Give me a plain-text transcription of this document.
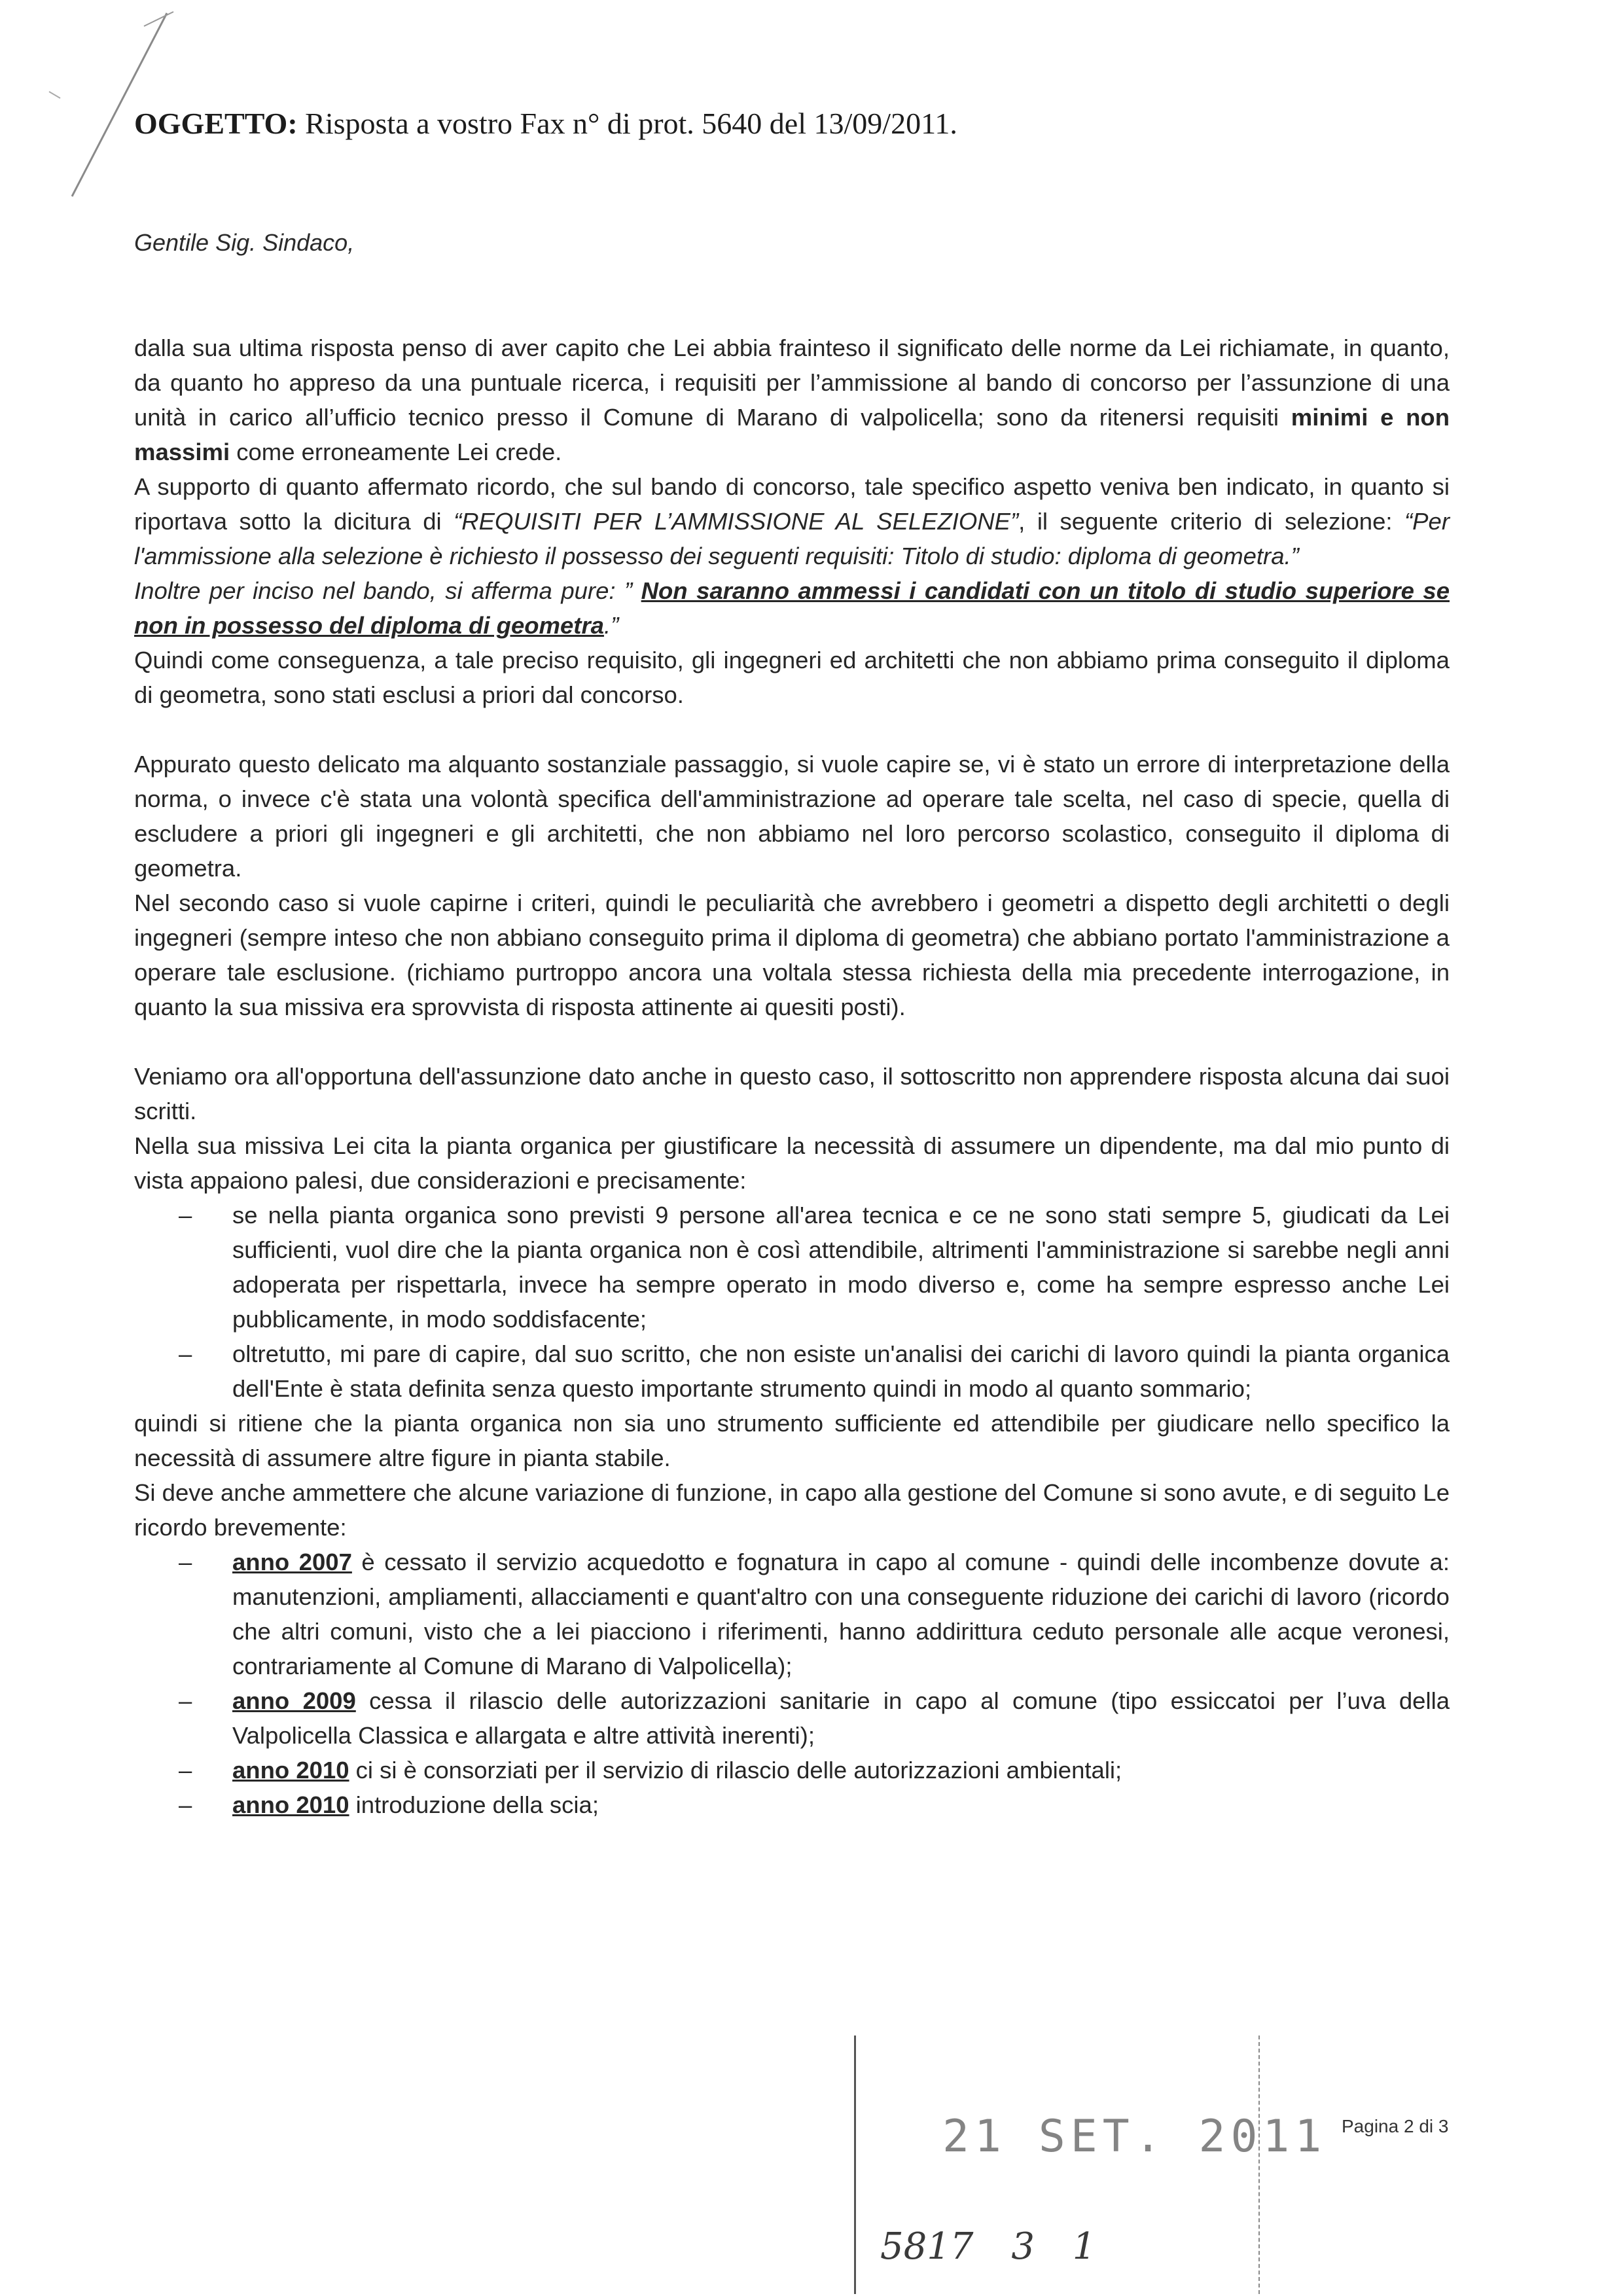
OGGETTO: Risposta a vostro Fax n° di prot. 5640 del 13/09/2011.
Gentile Sig. Sindaco,

dalla sua ultima risposta penso di aver capito che Lei abbia frainteso il significato delle norme da Lei richiamate, in quanto, da quanto ho appreso da una puntuale ricerca, i requisiti per l’ammissione al bando di concorso per l’assunzione di una unità in carico all’ufficio tecnico presso il Comune di Marano di valpolicella; sono da ritenersi requisiti minimi e non massimi come erroneamente Lei crede.

A supporto di quanto affermato ricordo, che sul bando di concorso, tale specifico aspetto veniva ben indicato, in quanto si riportava sotto la dicitura di “REQUISITI PER L’AMMISSIONE AL SELEZIONE”, il seguente criterio di selezione: “Per l'ammissione alla selezione è richiesto il possesso dei seguenti requisiti: Titolo di studio: diploma di geometra.”

Inoltre per inciso nel bando, si afferma pure: ” Non saranno ammessi i candidati con un titolo di studio superiore se non in possesso del diploma di geometra.”

Quindi come conseguenza, a tale preciso requisito, gli ingegneri ed architetti che non abbiamo prima conseguito il diploma di geometra, sono stati esclusi a priori dal concorso.

Appurato questo delicato ma alquanto sostanziale passaggio, si vuole capire se, vi è stato un errore di interpretazione della norma, o invece c'è stata una volontà specifica dell'amministrazione ad operare tale scelta, nel caso di specie, quella di escludere a priori gli ingegneri e gli architetti, che non abbiamo nel loro percorso scolastico, conseguito il diploma di geometra.

Nel secondo caso si vuole capirne i criteri, quindi le peculiarità che avrebbero i geometri a dispetto degli architetti o degli ingegneri (sempre inteso che non abbiano conseguito prima il diploma di geometra) che abbiano portato l'amministrazione a operare tale esclusione. (richiamo purtroppo ancora una voltala stessa richiesta della mia precedente interrogazione, in quanto la sua missiva era sprovvista di risposta attinente ai quesiti posti).

Veniamo ora all'opportuna dell'assunzione dato anche in questo caso, il sottoscritto non apprendere risposta alcuna dai suoi scritti.

Nella sua missiva Lei cita la pianta organica per giustificare la necessità di assumere un dipendente, ma dal mio punto di vista appaiono palesi, due considerazioni e precisamente:

– se nella pianta organica sono previsti 9 persone all'area tecnica e ce ne sono stati sempre 5, giudicati da Lei sufficienti, vuol dire che la pianta organica non è così attendibile, altrimenti l'amministrazione si sarebbe negli anni adoperata per rispettarla, invece ha sempre operato in modo diverso e, come ha sempre espresso anche Lei pubblicamente, in modo soddisfacente;
– oltretutto, mi pare di capire, dal suo scritto, che non esiste un'analisi dei carichi di lavoro quindi la pianta organica dell'Ente è stata definita senza questo importante strumento quindi in modo al quanto sommario;

quindi si ritiene che la pianta organica non sia uno strumento sufficiente ed attendibile per giudicare nello specifico la necessità di assumere altre figure in pianta stabile.

Si deve anche ammettere che alcune variazione di funzione, in capo alla gestione del Comune si sono avute, e di seguito Le ricordo brevemente:

– anno 2007 è cessato il servizio acquedotto e fognatura in capo al comune - quindi delle incombenze dovute a: manutenzioni, ampliamenti, allacciamenti e quant'altro con una conseguente riduzione dei carichi di lavoro (ricordo che altri comuni, visto che a lei piacciono i riferimenti, hanno addirittura ceduto personale alle acque veronesi, contrariamente al Comune di Marano di Valpolicella);
– anno 2009 cessa il rilascio delle autorizzazioni sanitarie in capo al comune (tipo essiccatoi per l’uva della Valpolicella Classica e allargata e altre attività inerenti);
– anno 2010 ci si è consorziati per il servizio di rilascio delle autorizzazioni ambientali;
– anno 2010 introduzione della scia;
21 SET. 2011
5817 3 1
Pagina 2 di 3
